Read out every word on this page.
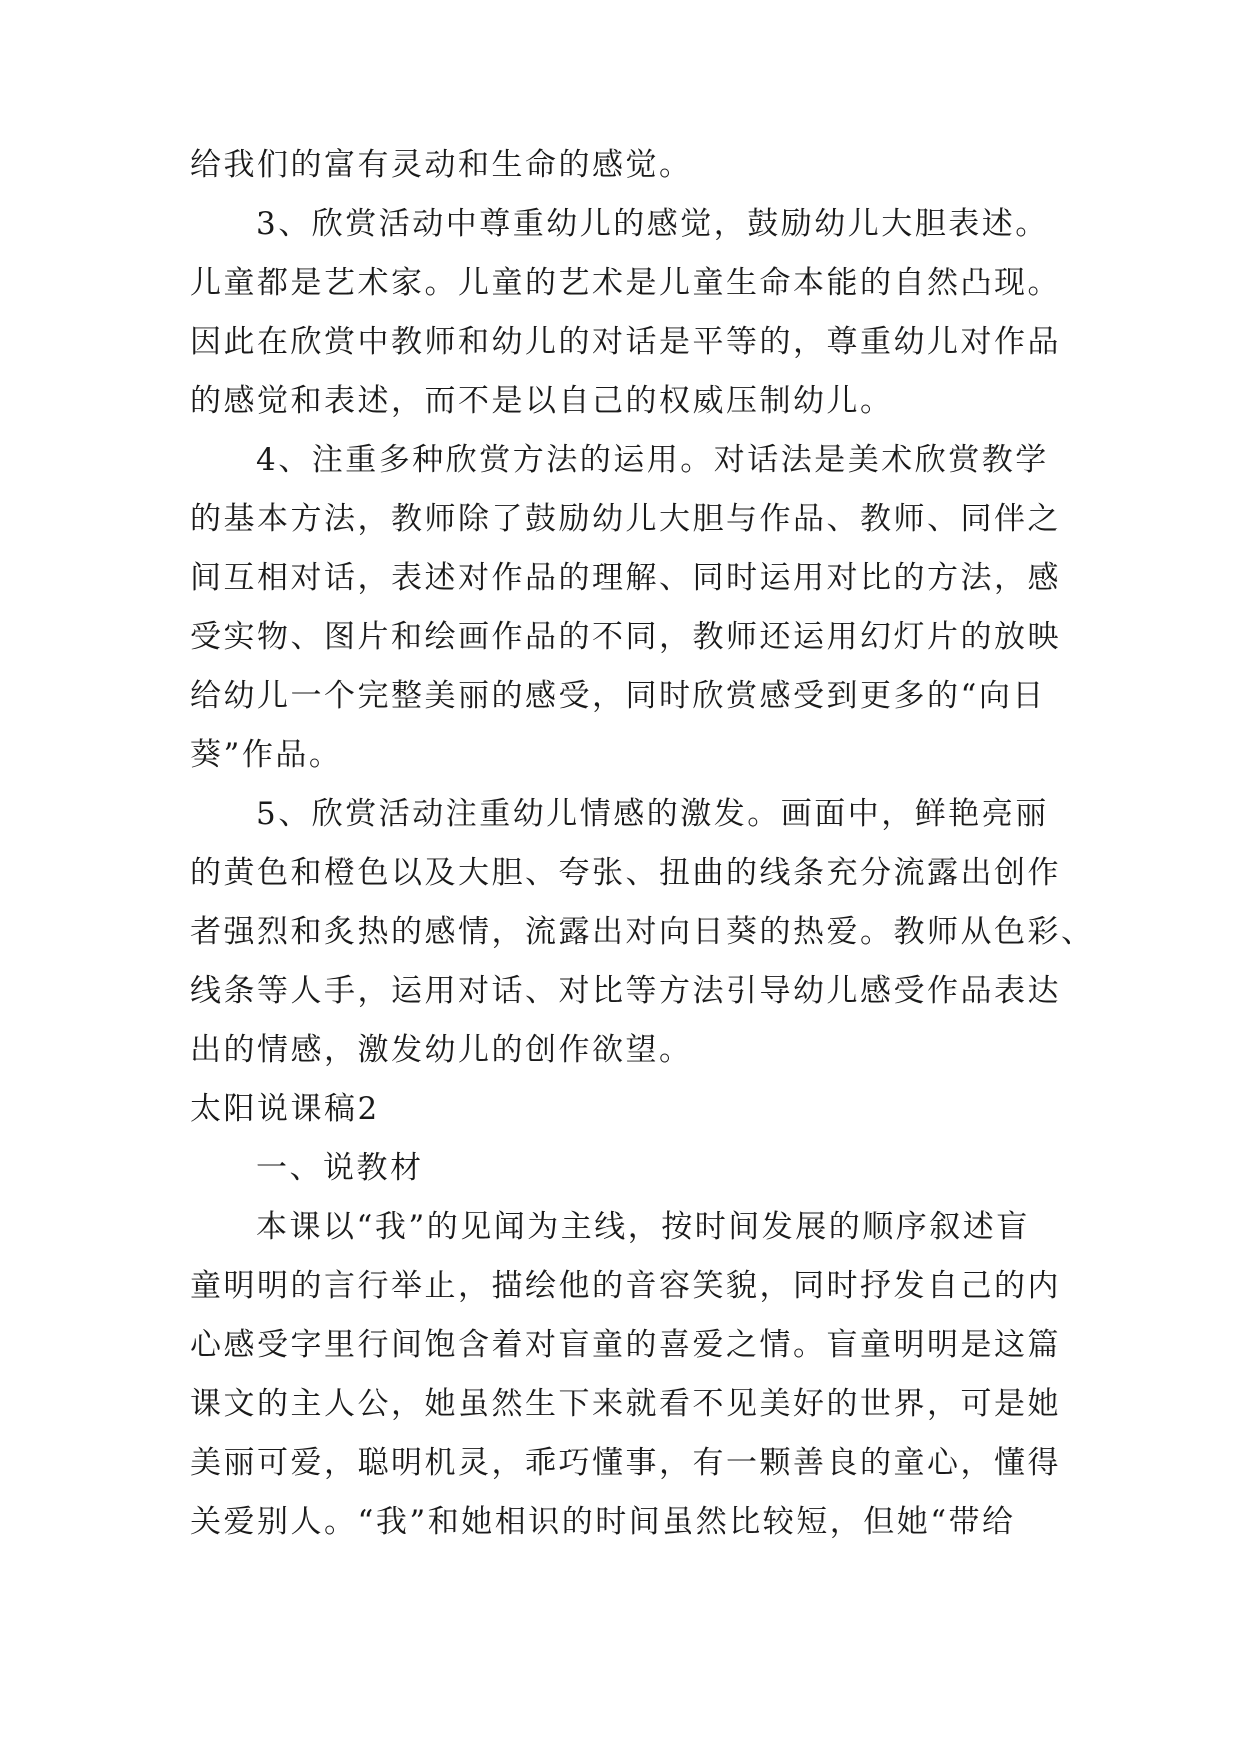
给我们的富有灵动和生命的感觉。
3、欣赏活动中尊重幼儿的感觉，鼓励幼儿大胆表述。
儿童都是艺术家。儿童的艺术是儿童生命本能的自然凸现。
因此在欣赏中教师和幼儿的对话是平等的，尊重幼儿对作品
的感觉和表述，而不是以自己的权威压制幼儿。
4、注重多种欣赏方法的运用。对话法是美术欣赏教学
的基本方法，教师除了鼓励幼儿大胆与作品、教师、同伴之
间互相对话，表述对作品的理解、同时运用对比的方法，感
受实物、图片和绘画作品的不同，教师还运用幻灯片的放映
给幼儿一个完整美丽的感受，同时欣赏感受到更多的“向日
葵”作品。
5、欣赏活动注重幼儿情感的激发。画面中，鲜艳亮丽
的黄色和橙色以及大胆、夸张、扭曲的线条充分流露出创作
者强烈和炙热的感情，流露出对向日葵的热爱。教师从色彩、
线条等人手，运用对话、对比等方法引导幼儿感受作品表达
出的情感，激发幼儿的创作欲望。
太阳说课稿2
一、说教材
本课以“我”的见闻为主线，按时间发展的顺序叙述盲
童明明的言行举止，描绘他的音容笑貌，同时抒发自己的内
心感受字里行间饱含着对盲童的喜爱之情。盲童明明是这篇
课文的主人公，她虽然生下来就看不见美好的世界，可是她
美丽可爱，聪明机灵，乖巧懂事，有一颗善良的童心，懂得
关爱别人。“我”和她相识的时间虽然比较短，但她“带给
